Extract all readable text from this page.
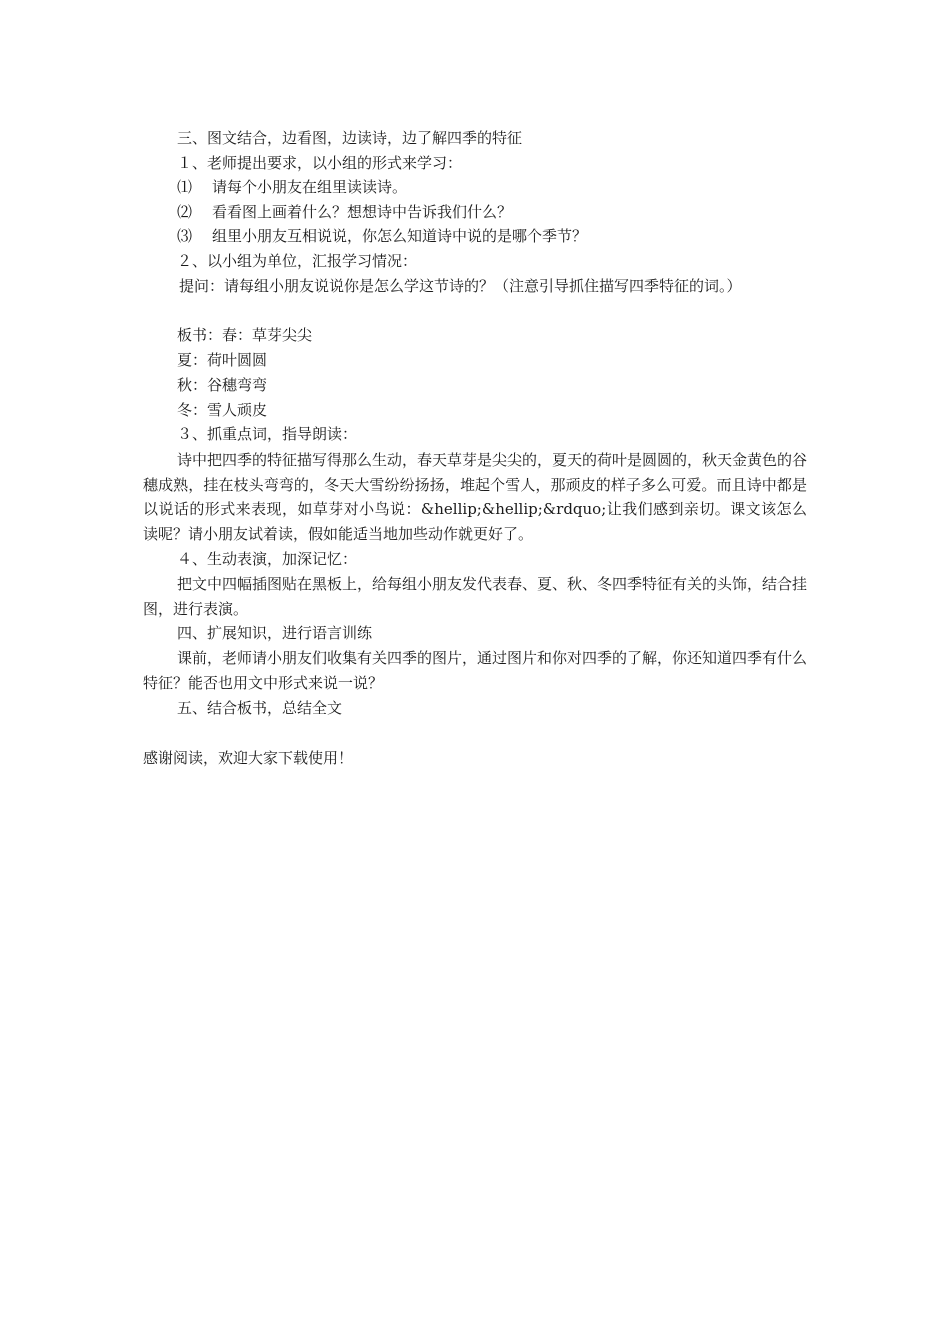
三、图文结合，边看图，边读诗，边了解四季的特征
１、老师提出要求，以小组的形式来学习：
⑴ 请每个小朋友在组里读读诗。
⑵ 看看图上画着什么？想想诗中告诉我们什么？
⑶ 组里小朋友互相说说，你怎么知道诗中说的是哪个季节？
２、以小组为单位，汇报学习情况：
提问：请每组小朋友说说你是怎么学这节诗的？（注意引导抓住描写四季特征的词。）
板书：春：草芽尖尖
夏：荷叶圆圆
秋：谷穗弯弯
冬：雪人顽皮
３、抓重点词，指导朗读：
诗中把四季的特征描写得那么生动，春天草芽是尖尖的，夏天的荷叶是圆圆的，秋天金黄色的谷穗成熟，挂在枝头弯弯的，冬天大雪纷纷扬扬，堆起个雪人，那顽皮的样子多么可爱。而且诗中都是以说话的形式来表现，如草芽对小鸟说：&hellip;&hellip;&rdquo;让我们感到亲切。课文该怎么读呢？请小朋友试着读，假如能适当地加些动作就更好了。
４、生动表演，加深记忆：
把文中四幅插图贴在黑板上，给每组小朋友发代表春、夏、秋、冬四季特征有关的头饰，结合挂图，进行表演。
四、扩展知识，进行语言训练
课前，老师请小朋友们收集有关四季的图片，通过图片和你对四季的了解，你还知道四季有什么特征？能否也用文中形式来说一说？
五、结合板书，总结全文
感谢阅读，欢迎大家下载使用！
